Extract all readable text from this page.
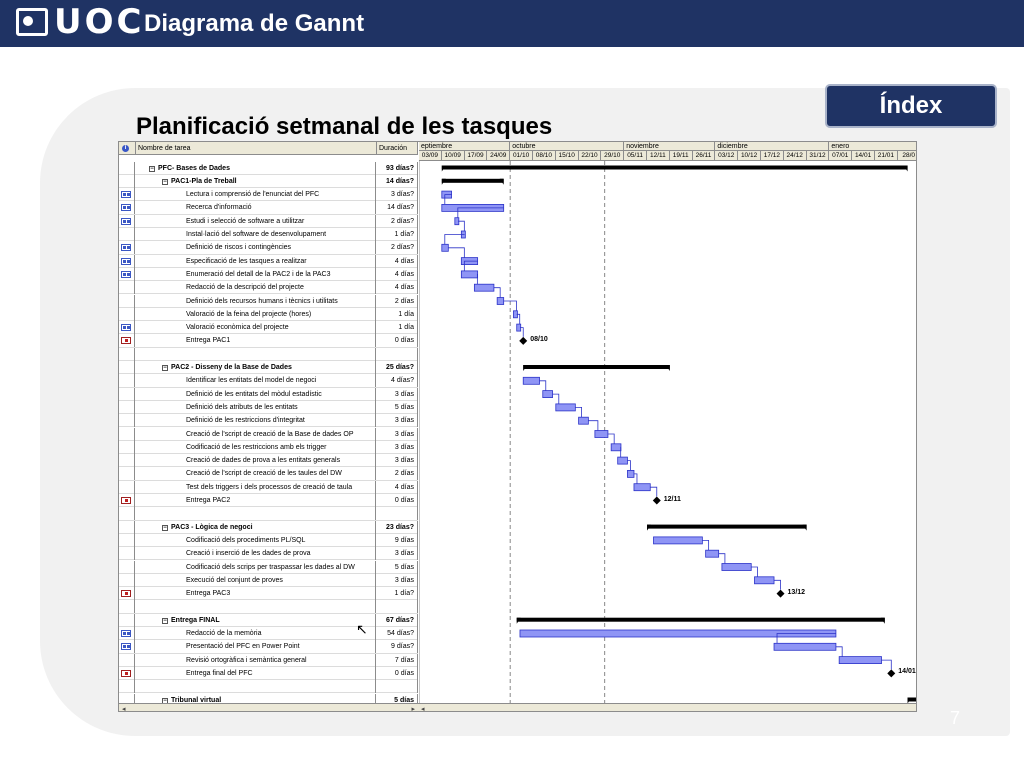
UOC Diagrama de Gannt
Índex
Planificació setmanal de les tasques
7
i	Nombre de tarea	Duración
− PFC- Bases de Dades	93 días?
− PAC1-Pla de Treball	14 días?
Lectura i comprensió de l'enunciat del PFC	3 días?
Recerca d'informació	14 días?
Estudi i selecció de software a utilitzar	2 días?
Instal·lació del software de desenvolupament	1 día?
Definició de riscos i contingències	2 días?
Especificació de les tasques a realitzar	4 días
Enumeració del detall de la PAC2 i de la PAC3	4 días
Redacció de la descripció del projecte	4 días
Definició dels recursos humans i tècnics i utilitats	2 días
Valoració de la feina del projecte (hores)	1 día
Valoració econòmica del projecte	1 día
Entrega PAC1	0 días
− PAC2 - Disseny de la Base de Dades	25 días?
Identificar les entitats del model de negoci	4 días?
Definició de les entitats del mòdul estadístic	3 días
Definició dels atributs de les entitats	5 días
Definició de les restriccions d'integritat	3 días
Creació de l'script de creació de la Base de dades OP	3 días
Codificació de les restriccions amb els trigger	3 días
Creació de dades de prova a les entitats generals	3 días
Creació de l'script de creació de les taules del DW	2 días
Test dels triggers i dels processos de creació de taula	4 días
Entrega PAC2	0 días
− PAC3 - Lògica de negoci	23 días?
Codificació dels procediments PL/SQL	9 días
Creació i inserció de les dades de prova	3 días
Codificació dels scrips per traspassar les dades al DW	5 días
Execució del conjunt de proves	3 días
Entrega PAC3	1 día?
− Entrega FINAL	67 días?
Redacció de la memòria	54 días?
Presentació del PFC en Power Point	9 días?
Revisió ortogràfica i semàntica general	7 días
Entrega final del PFC	0 días
− Tribunal virtual	5 días
eptiembre	octubre	noviembre	diciembre	enero
03/09	10/09	17/09	24/09	01/10	08/10	15/10	22/10	29/10	05/11	12/11	19/11	26/11	03/12	10/12	17/12	24/12	31/12	07/01	14/01	21/01	28/0
08/10
12/11
13/12
14/01
◂	▸ ◂
↖
